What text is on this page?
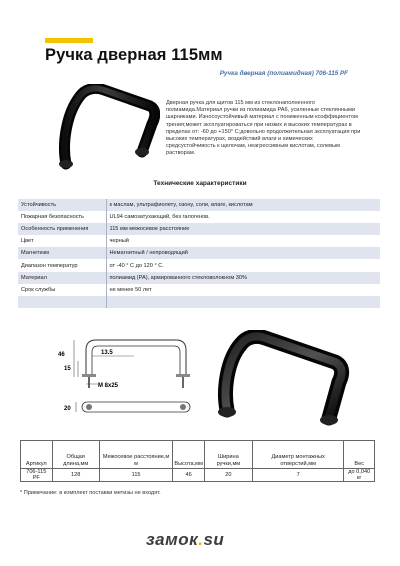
Ручка дверная 115мм
Ручка дверная (полиамидная) 706-115 PF
Дверная ручка для щитов 115 мм из стеклонаполненного полиамида.Материал ручки из полиамида PA6, усиленные стеклянными шарниками. Износоустойчивый материал с пониженным коэффициентом трения;может эксплуатироваться при низких и высоких температурах в пределах от: -60 до +150° С;довольно продолжительная эксплуатация при высоких температурах, воздействий влаги и химических средсустойчивость к щелочам, неагрессивным кислотам, солевым растворам.
Технические характеристики
Устойчивость	к маслам, ультрафиолету, озону, соли, влаге, кислотам
Пожарная безопасность	UL94 самозатухающий, без галогенов.
Особенность применения	115 мм межосевое расстояние
Цвет	черный
Магнетизм	Немагнитный / непроводящий
Диапазон температур	от -40 ° С до 120 ° С.
Материал	полиамид (PA), армированного стекловолокном 30%
Срок службы	не менее 50 лет

46
15
13.5
M 8x25
20
Артикул	Общая длина,мм	Межосевое расстояние,м м	Высота,мм	Ширина ручки,мм	Диаметр монтажных отверстий,мм	Вес
706-115 PF	128	115	46	20	7	до 0,040 кг
* Примечание: в комплект поставки метизы не входят.
замок.su
